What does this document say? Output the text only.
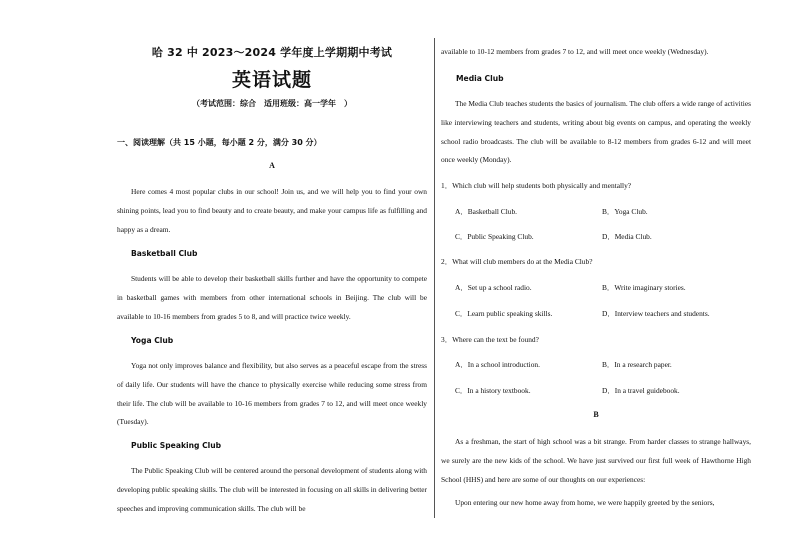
哈 32 中 2023～2024 学年度上学期期中考试
英语试题
（考试范围：综合　适用班级：高一学年　）
一、阅读理解（共 15 小题，每小题 2 分，满分 30 分）
A
Here comes 4 most popular clubs in our school! Join us, and we will help you to find your own shining points, lead you to find beauty and to create beauty, and make your campus life as fulfilling and happy as a dream.
Basketball Club
Students will be able to develop their basketball skills further and have the opportunity to compete in basketball games with members from other international schools in Beijing. The club will be available to 10-16 members from grades 5 to 8, and will practice twice weekly.
Yoga Club
Yoga not only improves balance and flexibility, but also serves as a peaceful escape from the stress of daily life. Our students will have the chance to physically exercise while reducing some stress from their life. The club will be available to 10-16 members from grades 7 to 12, and will meet once weekly (Tuesday).
Public Speaking Club
The Public Speaking Club will be centered around the personal development of students along with developing public speaking skills. The club will be interested in focusing on all skills in delivering better speeches and improving communication skills. The club will be
available to 10-12 members from grades 7 to 12, and will meet once weekly (Wednesday).
Media Club
The Media Club teaches students the basics of journalism. The club offers a wide range of activities like interviewing teachers and students, writing about big events on campus, and operating the weekly school radio broadcasts. The club will be available to 8-12 members from grades 6-12 and will meet once weekly (Monday).
1．Which club will help students both physically and mentally?
A．Basketball Club.	B．Yoga Club.
C．Public Speaking Club.	D．Media Club.
2．What will club members do at the Media Club?
A．Set up a school radio.	B．Write imaginary stories.
C．Learn public speaking skills.	D．Interview teachers and students.
3．Where can the text be found?
A．In a school introduction.	B．In a research paper.
C．In a history textbook.	D．In a travel guidebook.
B
As a freshman, the start of high school was a bit strange. From harder classes to strange hallways, we surely are the new kids of the school. We have just survived our first full week of Hawthorne High School (HHS) and here are some of our thoughts on our experiences:
Upon entering our new home away from home, we were happily greeted by the seniors,
